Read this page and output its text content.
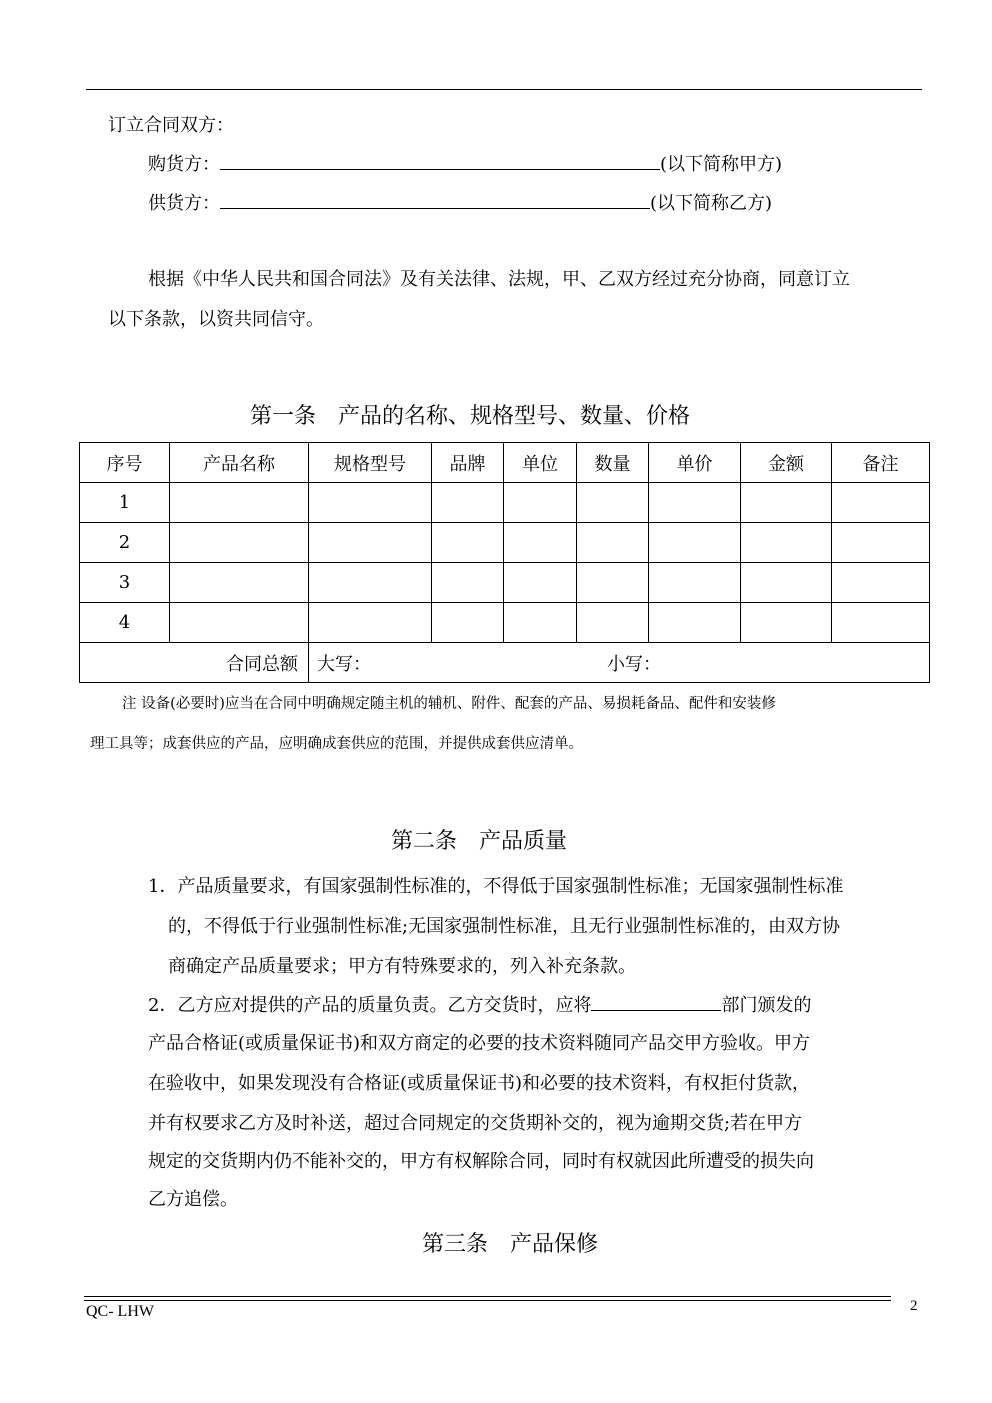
订立合同双方：
购货方：	(以下简称甲方)
供货方：	(以下简称乙方)
根据《中华人民共和国合同法》及有关法律、法规，甲、乙双方经过充分协商，同意订立
以下条款，以资共同信守。
第一条　产品的名称、规格型号、数量、价格
序号	产品名称	规格型号	品牌	单位	数量	单价	金额	备注
1								
2								
3								
4								
合同总额		大写： 小写：						
注 设备(必要时)应当在合同中明确规定随主机的辅机、附件、配套的产品、易损耗备品、配件和安装修
理工具等；成套供应的产品，应明确成套供应的范围，并提供成套供应清单。
第二条　产品质量
1．产品质量要求，有国家强制性标准的，不得低于国家强制性标准；无国家强制性标准
的，不得低于行业强制性标准;无国家强制性标准，且无行业强制性标准的，由双方协
商确定产品质量要求；甲方有特殊要求的，列入补充条款。
2．乙方应对提供的产品的质量负责。乙方交货时，应将	部门颁发的
产品合格证(或质量保证书)和双方商定的必要的技术资料随同产品交甲方验收。甲方
在验收中，如果发现没有合格证(或质量保证书)和必要的技术资料，有权拒付货款，
并有权要求乙方及时补送，超过合同规定的交货期补交的，视为逾期交货;若在甲方
规定的交货期内仍不能补交的，甲方有权解除合同，同时有权就因此所遭受的损失向
乙方追偿。
第三条　产品保修
QC- LHW	2
